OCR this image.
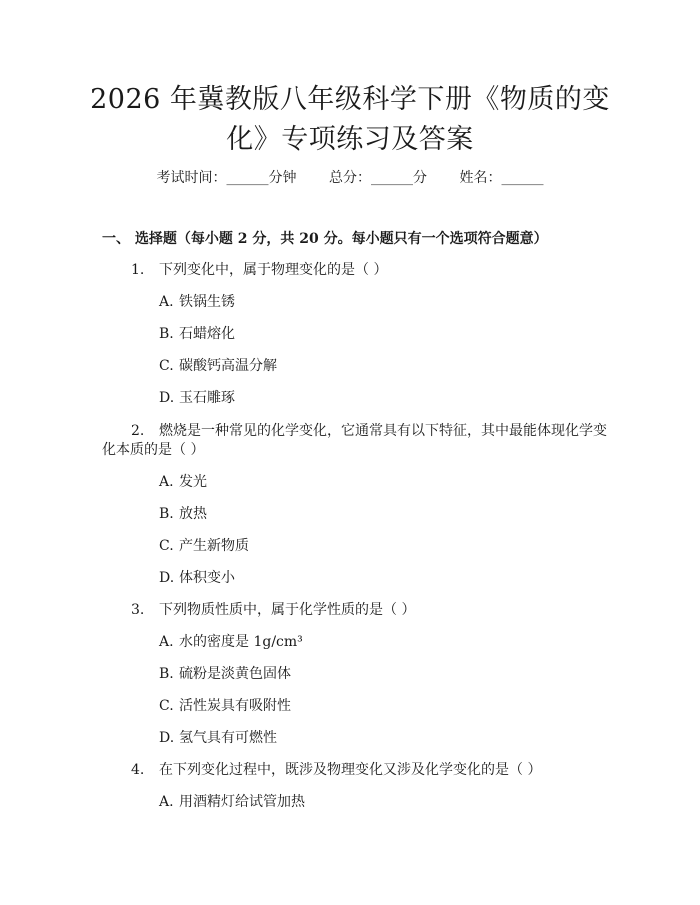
2026 年冀教版八年级科学下册《物质的变
化》专项练习及答案
考试时间：______分钟 总分：______分 姓名：______
一、 选择题（每小题 2 分，共 20 分。每小题只有一个选项符合题意）
1. 下列变化中，属于物理变化的是（ ）
A. 铁锅生锈
B. 石蜡熔化
C. 碳酸钙高温分解
D. 玉石雕琢
2. 燃烧是一种常见的化学变化，它通常具有以下特征，其中最能体现化学变
化本质的是（ ）
A. 发光
B. 放热
C. 产生新物质
D. 体积变小
3. 下列物质性质中，属于化学性质的是（ ）
A. 水的密度是 1g/cm³
B. 硫粉是淡黄色固体
C. 活性炭具有吸附性
D. 氢气具有可燃性
4. 在下列变化过程中，既涉及物理变化又涉及化学变化的是（ ）
A. 用酒精灯给试管加热
